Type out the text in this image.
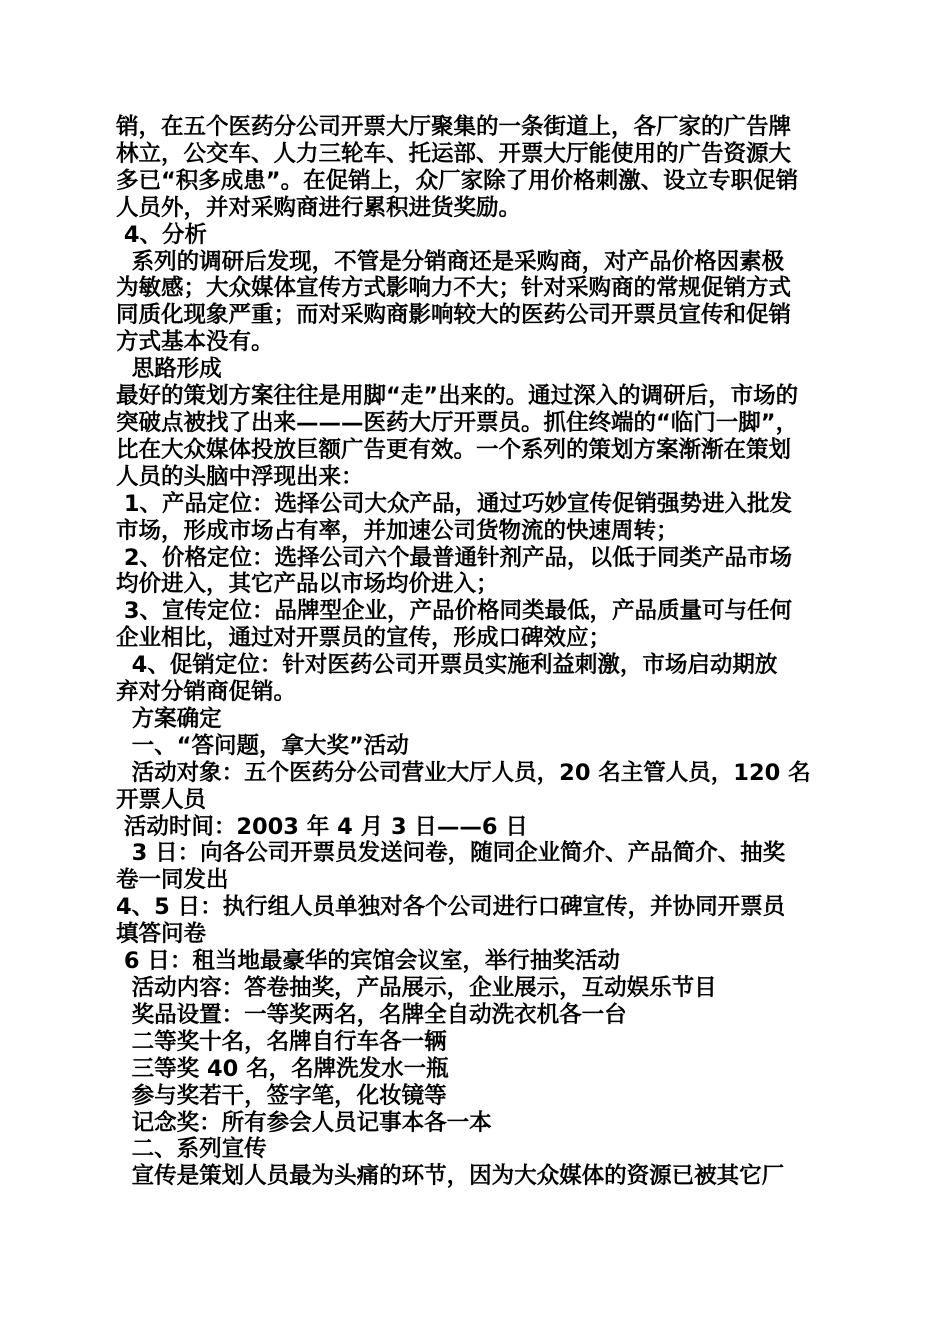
销，在五个医药分公司开票大厅聚集的一条街道上，各厂家的广告牌
林立，公交车、人力三轮车、托运部、开票大厅能使用的广告资源大
多已“积多成患”。在促销上，众厂家除了用价格刺激、设立专职促销
人员外，并对采购商进行累积进货奖励。
4、分析
系列的调研后发现，不管是分销商还是采购商，对产品价格因素极
为敏感；大众媒体宣传方式影响力不大；针对采购商的常规促销方式
同质化现象严重；而对采购商影响较大的医药公司开票员宣传和促销
方式基本没有。
思路形成
最好的策划方案往往是用脚“走”出来的。通过深入的调研后，市场的
突破点被找了出来———医药大厅开票员。抓住终端的“临门一脚”，
比在大众媒体投放巨额广告更有效。一个系列的策划方案渐渐在策划
人员的头脑中浮现出来：
1、产品定位：选择公司大众产品，通过巧妙宣传促销强势进入批发
市场，形成市场占有率，并加速公司货物流的快速周转；
2、价格定位：选择公司六个最普通针剂产品，以低于同类产品市场
均价进入，其它产品以市场均价进入；
3、宣传定位：品牌型企业，产品价格同类最低，产品质量可与任何
企业相比，通过对开票员的宣传，形成口碑效应；
4、促销定位：针对医药公司开票员实施利益刺激，市场启动期放
弃对分销商促销。
方案确定
一、“答问题，拿大奖”活动
活动对象：五个医药分公司营业大厅人员，20 名主管人员，120 名
开票人员
活动时间：2003 年 4 月 3 日——6 日
3 日：向各公司开票员发送问卷，随同企业简介、产品简介、抽奖
卷一同发出
4、5 日：执行组人员单独对各个公司进行口碑宣传，并协同开票员
填答问卷
6 日：租当地最豪华的宾馆会议室，举行抽奖活动
活动内容：答卷抽奖，产品展示，企业展示，互动娱乐节目
奖品设置：一等奖两名，名牌全自动洗衣机各一台
二等奖十名，名牌自行车各一辆
三等奖 40 名，名牌洗发水一瓶
参与奖若干，签字笔，化妆镜等
记念奖：所有参会人员记事本各一本
二、系列宣传
宣传是策划人员最为头痛的环节，因为大众媒体的资源已被其它厂
